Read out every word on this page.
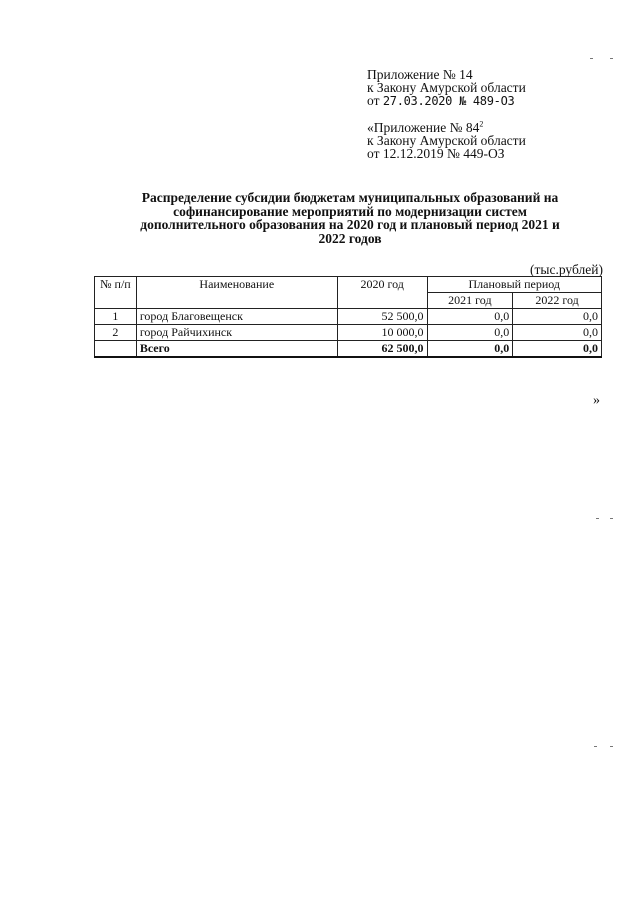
Приложение № 14
к Закону Амурской области
от 27.03.2020 № 489-ОЗ
«Приложение № $84^2$
к Закону Амурской области
от 12.12.2019 № 449-ОЗ
Распределение субсидии бюджетам муниципальных образований на
софинансирование мероприятий по модернизации систем
дополнительного образования на 2020 год и плановый период 2021 и
2022 годов
(тыс.рублей)
№ п/п	Наименование	2020 год	Плановый период	
			2021 год	2022 год
1	город Благовещенск	52 500,0	0,0	0,0
2	город Райчихинск	10 000,0	0,0	0,0
	Всего	62 500,0	0,0	0,0
»
